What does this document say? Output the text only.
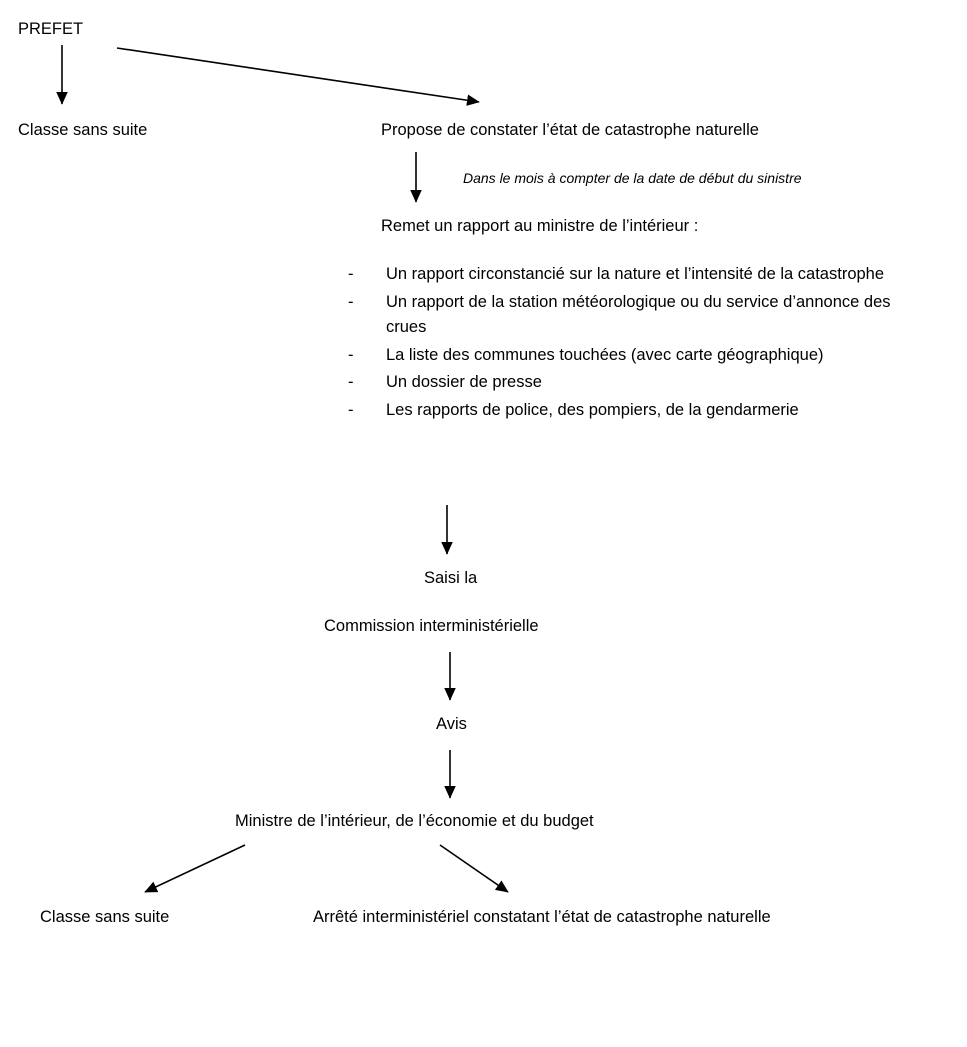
PREFET
Classe sans suite	Propose de constater l’état de catastrophe naturelle
Dans le mois à compter de la date de début du sinistre
Remet un rapport au ministre de l’intérieur :
-	Un rapport circonstancié sur la nature et l’intensité de la catastrophe
-	Un rapport de la station météorologique ou du service d’annonce des crues
-	La liste des communes touchées (avec carte géographique)
-	Un dossier de presse
-	Les rapports de police, des pompiers, de la gendarmerie
Saisi la
Commission interministérielle
Avis
Ministre de l’intérieur, de l’économie et du budget
Classe sans suite	Arrêté interministériel constatant l’état de catastrophe naturelle
